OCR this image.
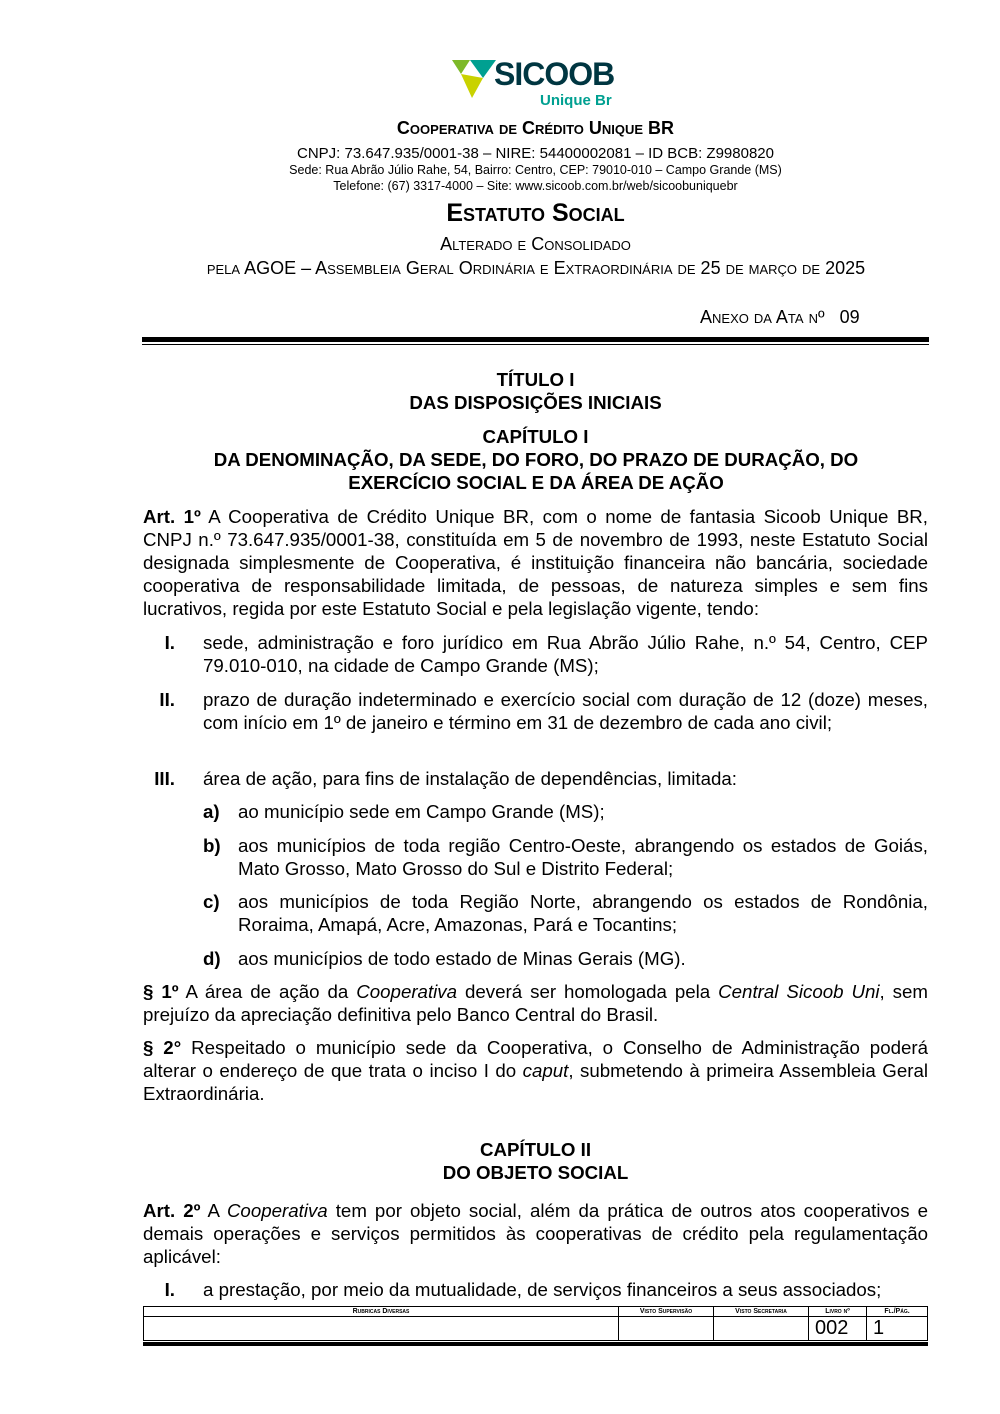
SICOOB
Unique Br
Cooperativa de Crédito Unique BR
CNPJ: 73.647.935/0001-38 – NIRE: 54400002081 – ID BCB: Z9980820
Sede: Rua Abrão Júlio Rahe, 54, Bairro: Centro, CEP: 79010-010 – Campo Grande (MS)
Telefone: (67) 3317-4000 – Site: www.sicoob.com.br/web/sicoobuniquebr
Estatuto Social
Alterado e Consolidado
pela AGOE – Assembleia Geral Ordinária e Extraordinária de 25 de março de 2025
Anexo da Ata nº 09
TÍTULO I
DAS DISPOSIÇÕES INICIAIS
CAPÍTULO I
DA DENOMINAÇÃO, DA SEDE, DO FORO, DO PRAZO DE DURAÇÃO, DO EXERCÍCIO SOCIAL E DA ÁREA DE AÇÃO
Art. 1º A Cooperativa de Crédito Unique BR, com o nome de fantasia Sicoob Unique BR, CNPJ n.º 73.647.935/0001-38, constituída em 5 de novembro de 1993, neste Estatuto Social designada simplesmente de Cooperativa, é instituição financeira não bancária, sociedade cooperativa de responsabilidade limitada, de pessoas, de natureza simples e sem fins lucrativos, regida por este Estatuto Social e pela legislação vigente, tendo:
I. sede, administração e foro jurídico em Rua Abrão Júlio Rahe, n.º 54, Centro, CEP 79.010-010, na cidade de Campo Grande (MS);
II. prazo de duração indeterminado e exercício social com duração de 12 (doze) meses, com início em 1º de janeiro e término em 31 de dezembro de cada ano civil;
III. área de ação, para fins de instalação de dependências, limitada:
a) ao município sede em Campo Grande (MS);
b) aos municípios de toda região Centro-Oeste, abrangendo os estados de Goiás, Mato Grosso, Mato Grosso do Sul e Distrito Federal;
c) aos municípios de toda Região Norte, abrangendo os estados de Rondônia, Roraima, Amapá, Acre, Amazonas, Pará e Tocantins;
d) aos municípios de todo estado de Minas Gerais (MG).
§ 1º A área de ação da Cooperativa deverá ser homologada pela Central Sicoob Uni, sem prejuízo da apreciação definitiva pelo Banco Central do Brasil.
§ 2° Respeitado o município sede da Cooperativa, o Conselho de Administração poderá alterar o endereço de que trata o inciso I do caput, submetendo à primeira Assembleia Geral Extraordinária.
CAPÍTULO II
DO OBJETO SOCIAL
Art. 2º A Cooperativa tem por objeto social, além da prática de outros atos cooperativos e demais operações e serviços permitidos às cooperativas de crédito pela regulamentação aplicável:
I. a prestação, por meio da mutualidade, de serviços financeiros a seus associados;
Rubricas Diversas	Visto Supervisão	Visto Secretaria	Livro nº	Fl./Pág.
			002	1
